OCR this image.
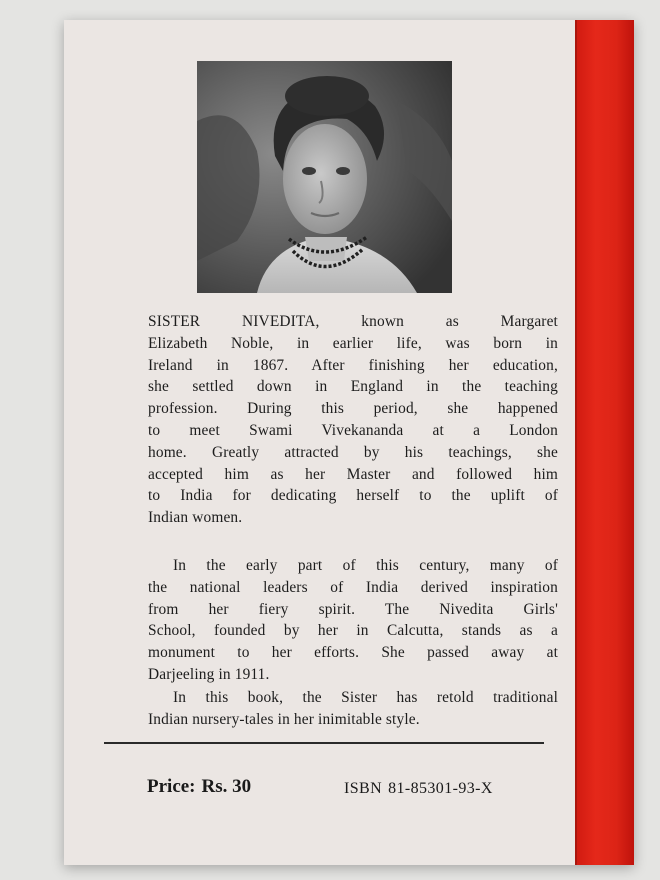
SISTER NIVEDITA, known as Margaret
Elizabeth Noble, in earlier life, was born in
Ireland in 1867. After finishing her education,
she settled down in England in the teaching
profession. During this period, she happened
to meet Swami Vivekananda at a London
home. Greatly attracted by his teachings, she
accepted him as her Master and followed him
to India for dedicating herself to the uplift of
Indian women.
In the early part of this century, many of
the national leaders of India derived inspiration
from her fiery spirit. The Nivedita Girls'
School, founded by her in Calcutta, stands as a
monument to her efforts. She passed away at
Darjeeling in 1911.
In this book, the Sister has retold traditional
Indian nursery-tales in her inimitable style.
Price: Rs. 30	ISBN 81-85301-93-X
